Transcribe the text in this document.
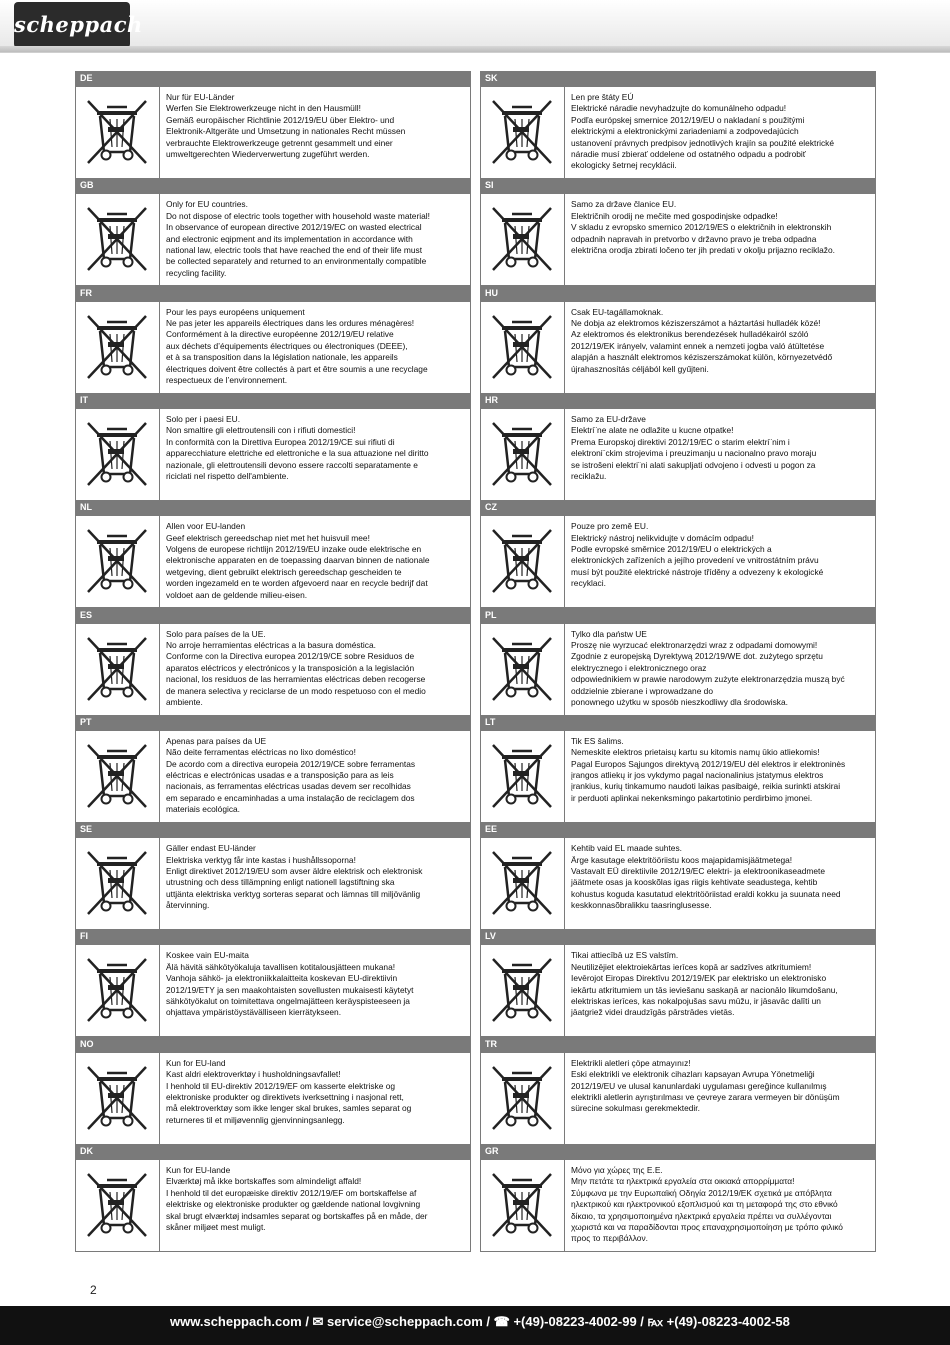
scheppach
DE
Nur für EU-Länder
Werfen Sie Elektrowerkzeuge nicht in den Hausmüll!
Gemäß europäischer Richtlinie 2012/19/EU über Elektro- und
Elektronik-Altgeräte und Umsetzung in nationales Recht müssen
verbrauchte Elektrowerkzeuge getrennt gesammelt und einer
umweltgerechten Wiederverwertung zugeführt werden.
GB
Only for EU countries.
Do not dispose of electric tools together with household waste material!
In observance of european directive 2012/19/EC on wasted electrical
and electronic eqipment and its implementation in accordance with
national law, electric tools that have reached the end of their life must
be collected separately and returned to an environmentally compatible
recycling facility.
FR
Pour les pays européens uniquement
Ne pas jeter les appareils électriques dans les ordures ménagères!
Conformément à la directive européenne 2012/19/EU relative
aux déchets d’équipements électriques ou électroniques (DEEE),
et à sa transposition dans la législation nationale, les appareils
électriques doivent être collectés à part et être soumis a une recyclage
respectueux de l’environnement.
IT
Solo per i paesi EU.
Non smaltire gli elettroutensili con i rifiuti domestici!
In conformità con la Direttiva Europea 2012/19/CE sui rifiuti di
apparecchiature elettriche ed elettroniche e la sua attuazione nel diritto
nazionale, gli elettroutensili devono essere raccolti separatamente e
riciclati nel rispetto dell'ambiente.
NL
Allen voor EU-landen
Geef elektrisch gereedschap niet met het huisvuil mee!
Volgens de europese richtlijn 2012/19/EU inzake oude elektrische en
elektronische apparaten en de toepassing daarvan binnen de nationale
wetgeving, dient gebruikt elektrisch gereedschap gescheiden te
worden ingezameld en te worden afgevoerd naar en recycle bedrijf dat
voldoet aan de geldende milieu-eisen.
ES
Solo para países de la UE.
No arroje herramientas eléctricas a la basura doméstica.
Conforme con la Directiva europea 2012/19/CE sobre Residuos de
aparatos eléctricos y electrónicos y la transposición a la legislación
nacional, los residuos de las herramientas eléctricas deben recogerse
de manera selectiva y reciclarse de un modo respetuoso con el medio
ambiente.
PT
Apenas para países da UE
Não deite ferramentas eléctricas no lixo doméstico!
De acordo com a directiva europeia 2012/19/CE sobre ferramentas
eléctricas e electrónicas usadas e a transposição para as leis
nacionais, as ferramentas eléctricas usadas devem ser recolhidas
em separado e encaminhadas a uma instalação de reciclagem dos
materiais ecológica.
SE
Gäller endast EU-länder
Elektriska verktyg får inte kastas i hushållssoporna!
Enligt direktivet 2012/19/EU som avser äldre elektrisk och elektronisk
utrustning och dess tillämpning enligt nationell lagstiftning ska
uttjänta elektriska verktyg sorteras separat och lämnas till miljövänlig
återvinning.
FI
Koskee vain EU-maita
Älä hävitä sähkötyökaluja tavallisen kotitalousjätteen mukana!
Vanhoja sähkö- ja elektroniikkalaitteita koskevan EU-direktiivin
2012/19/ETY ja sen maakohtaisten sovellusten mukaisesti käytetyt
sähkötyökalut on toimitettava ongelmajätteen keräyspisteeseen ja
ohjattava ympäristöystävälliseen kierrätykseen.
NO
Kun for EU-land
Kast aldri elektroverktøy i husholdningsavfallet!
I henhold til EU-direktiv 2012/19/EF om kasserte elektriske og
elektroniske produkter og direktivets iverksettning i nasjonal rett,
må elektroverktøy som ikke lenger skal brukes, samles separat og
returneres til et miljøvennlig gjenvinningsanlegg.
DK
Kun for EU-lande
Elværktøj må ikke bortskaffes som almindeligt affald!
I henhold til det europæiske direktiv 2012/19/EF om bortskaffelse af
elektriske og elektroniske produkter og gældende national lovgivning
skal brugt elværktøj indsamles separat og bortskaffes på en måde, der
skåner miljøet mest muligt.
SK
Len pre štáty EÚ
Elektrické náradie nevyhadzujte do komunálneho odpadu!
Podľa európskej smernice 2012/19/EU o nakladaní s použitými
elektrickými a elektronickými zariadeniami a zodpovedajúcich
ustanovení právnych predpisov jednotlivých krajín sa použité elektrické
náradie musí zbierať oddelene od ostatného odpadu a podrobiť
ekologicky šetrnej recyklácii.
SI
Samo za države članice EU.
Električnih orodij ne mečite med gospodinjske odpadke!
V skladu z evropsko smernico 2012/19/ES o električnih in elektronskih
odpadnih napravah in pretvorbo v državno pravo je treba odpadna
električna orodja zbirati ločeno ter jih predati v okolju prijazno reciklažo.
HU
Csak EU-tagállamoknak.
Ne dobja az elektromos kéziszerszámot a háztartási hulladék közé!
Az elektromos és elektronikus berendezések hulladékairól szóló
2012/19/EK irányelv, valamint ennek a nemzeti jogba való átültetése
alapján a használt elektromos kéziszerszámokat külön, környezetvédő
újrahasznosítás céljából kell gyűjteni.
HR
Samo za EU-države
Elektri¨ne alate ne odlažite u kucne otpatke!
Prema Europskoj direktivi 2012/19/EC o starim elektri¨nim i
elektroni¨ckim strojevima i preuzimanju u nacionalno pravo moraju
se istrošeni elektri¨ni alati sakupljati odvojeno i odvesti u pogon za
reciklažu.
CZ
Pouze pro země EU.
Elektrický nástroj nelikvidujte v domácím odpadu!
Podle evropské směrnice 2012/19/EU o elektrických a
elektronických zařízeních a jejího provedení ve vnitrostátním právu
musí být použité elektrické nástroje tříděny a odvezeny k ekologické
recyklaci.
PL
Tylko dla państw UE
Proszę nie wyrzucać elektronarzędzi wraz z odpadami domowymi!
Zgodnie z europejską Dyrektywą 2012/19/WE dot. zużytego sprzętu
elektrycznego i elektronicznego oraz
odpowiednikiem w prawie narodowym zużyte elektronarzędzia muszą być
oddzielnie zbierane i wprowadzane do
ponownego użytku w sposób nieszkodliwy dla środowiska.
LT
Tik ES šalims.
Nemeskite elektros prietaisų kartu su kitomis namų ūkio atliekomis!
Pagal Europos Sąjungos direktyvą 2012/19/EU dėl elektros ir elektroninės
įrangos atliekų ir jos vykdymo pagal nacionalinius įstatymus elektros
įrankius, kurių tinkamumo naudoti laikas pasibaigė, reikia surinkti atskirai
ir perduoti aplinkai nekenksmingo pakartotinio perdirbimo įmonei.
EE
Kehtib vaid EL maade suhtes.
Ärge kasutage elektritööriistu koos majapidamisjäätmetega!
Vastavalt EÜ direktiivile 2012/19/EC elektri- ja elektroonikaseadmete
jäätmete osas ja kooskõlas igas riigis kehtivate seadustega, kehtib
kohustus koguda kasutatud elektritööriistad eraldi kokku ja suunata need
keskkonnasõbralikku taasringlusesse.
LV
Tikai attiecībā uz ES valstīm.
Neutilizējiet elektroiekārtas ierīces kopā ar sadzīves atkritumiem!
Ievērojot Eiropas Direktīvu 2012/19/EK par elektrisko un elektronisko
iekārtu atkritumiem un tās ieviešanu saskaņā ar nacionālo likumdošanu,
elektriskas ierīces, kas nokalpojušas savu mūžu, ir jāsavāc dalīti un
jāatgriež videi draudzīgās pārstrādes vietās.
TR
Elektrikli aletleri çöpe atmayınız!
Eski elektrikli ve elektronik cihazları kapsayan Avrupa Yönetmeliği
2012/19/EU ve ulusal kanunlardaki uygulaması gereğince kullanılmış
elektrikli aletlerin ayrıştırılması ve çevreye zarara vermeyen bir dönüşüm
sürecine sokulması gerekmektedir.
GR
Μόνο για χώρες της Ε.Ε.
Μην πετάτε τα ηλεκτρικά εργαλεία στα οικιακά απορρίμματα!
Σύμφωνα με την Ευρωπαϊκή Οδηγία 2012/19/ΕΚ σχετικά με απόβλητα
ηλεκτρικού και ηλεκτρονικού εξοπλισμού και τη μεταφορά της στο εθνικό
δίκαιο, τα χρησιμοποιημένα ηλεκτρικά εργαλεία πρέπει να συλλέγονται
χωριστά και να παραδίδονται προς επαναχρησιμοποίηση με τρόπο φιλικό
προς το περιβάλλον.
2
www.scheppach.com / ✉ service@scheppach.com / ☎ +(49)-08223-4002-99 / ℻ +(49)-08223-4002-58
